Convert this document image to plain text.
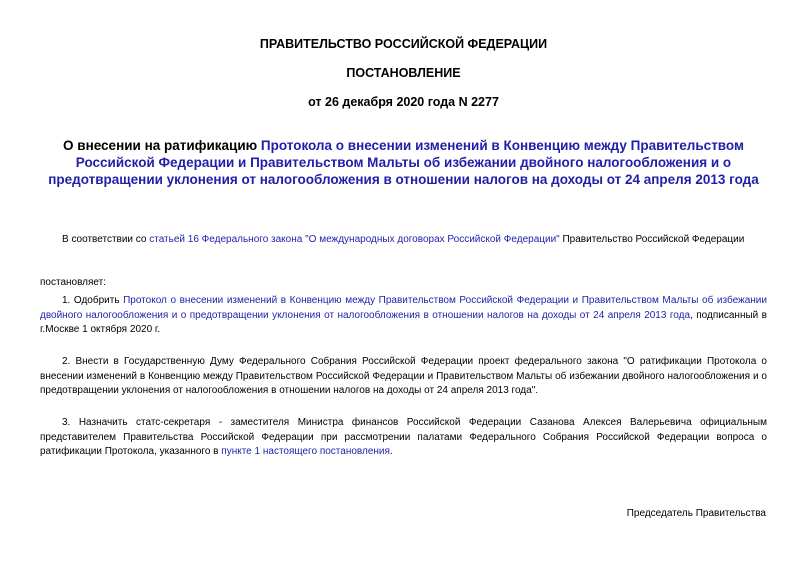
ПРАВИТЕЛЬСТВО РОССИЙСКОЙ ФЕДЕРАЦИИ
ПОСТАНОВЛЕНИЕ
от 26 декабря 2020 года N 2277
О внесении на ратификацию Протокола о внесении изменений в Конвенцию между Правительством Российской Федерации и Правительством Мальты об избежании двойного налогообложения и о предотвращении уклонения от налогообложения в отношении налогов на доходы от 24 апреля 2013 года
В соответствии со статьей 16 Федерального закона "О международных договорах Российской Федерации" Правительство Российской Федерации
постановляет:
1. Одобрить Протокол о внесении изменений в Конвенцию между Правительством Российской Федерации и Правительством Мальты об избежании двойного налогообложения и о предотвращении уклонения от налогообложения в отношении налогов на доходы от 24 апреля 2013 года, подписанный в г.Москве 1 октября 2020 г.
2. Внести в Государственную Думу Федерального Собрания Российской Федерации проект федерального закона "О ратификации Протокола о внесении изменений в Конвенцию между Правительством Российской Федерации и Правительством Мальты об избежании двойного налогообложения и о предотвращении уклонения от налогообложения в отношении налогов на доходы от 24 апреля 2013 года".
3. Назначить статс-секретаря - заместителя Министра финансов Российской Федерации Сазанова Алексея Валерьевича официальным представителем Правительства Российской Федерации при рассмотрении палатами Федерального Собрания Российской Федерации вопроса о ратификации Протокола, указанного в пункте 1 настоящего постановления.
Председатель Правительства
